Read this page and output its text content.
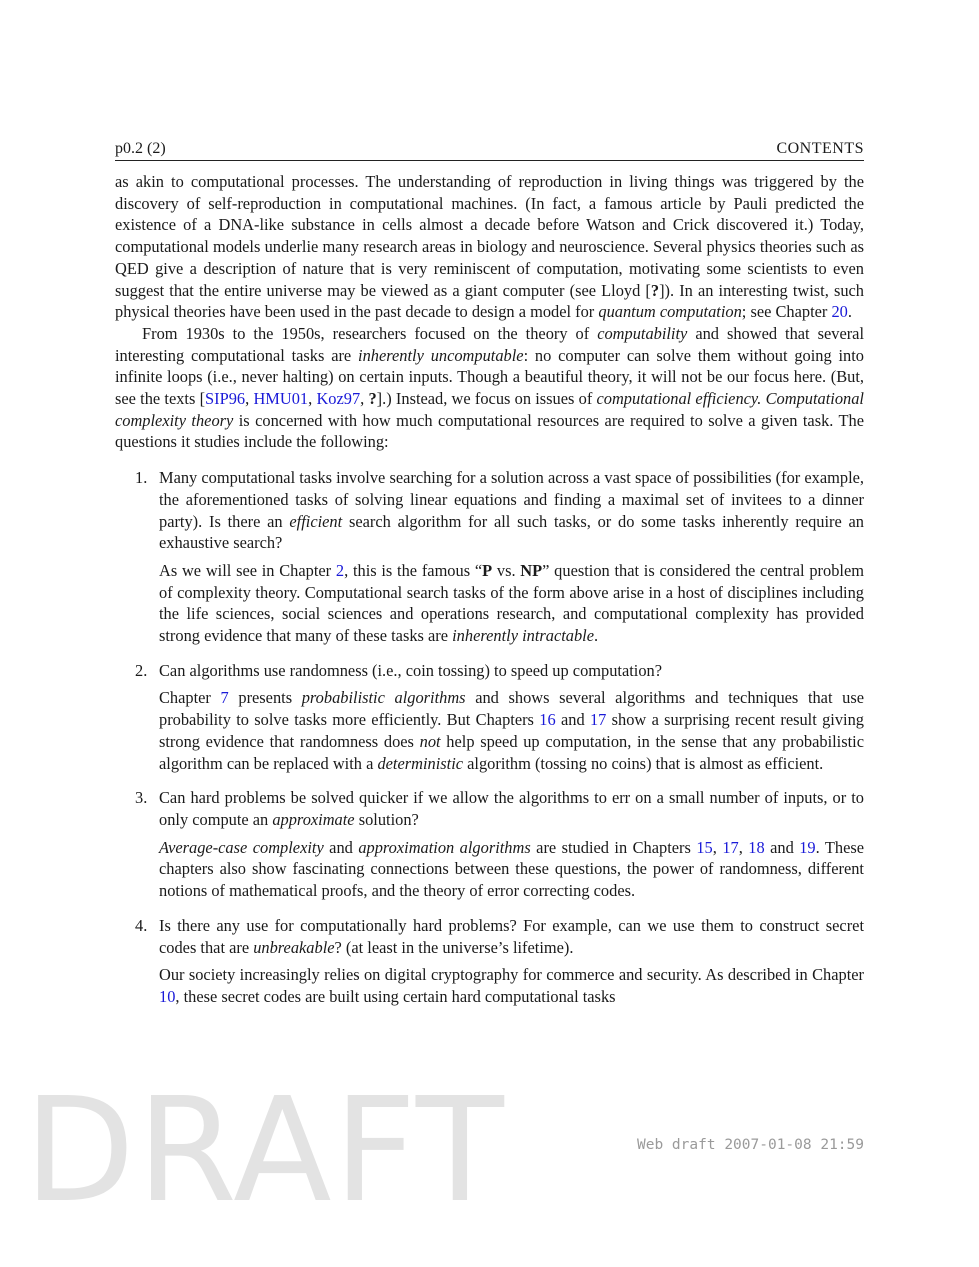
DRAFT
p0.2 (2)	CONTENTS

as akin to computational processes. The understanding of reproduction in living things was triggered by the discovery of self-reproduction in computational machines. (In fact, a famous article by Pauli predicted the existence of a DNA-like substance in cells almost a decade before Watson and Crick discovered it.) Today, computational models underlie many research areas in biology and neuroscience. Several physics theories such as QED give a description of nature that is very reminiscent of computation, motivating some scientists to even suggest that the entire universe may be viewed as a giant computer (see Lloyd [?]). In an interesting twist, such physical theories have been used in the past decade to design a model for quantum computation; see Chapter 20.

From 1930s to the 1950s, researchers focused on the theory of computability and showed that several interesting computational tasks are inherently uncomputable: no computer can solve them without going into infinite loops (i.e., never halting) on certain inputs. Though a beautiful theory, it will not be our focus here. (But, see the texts [SIP96, HMU01, Koz97, ?].) Instead, we focus on issues of computational efficiency. Computational complexity theory is concerned with how much computational resources are required to solve a given task. The questions it studies include the following:

1. Many computational tasks involve searching for a solution across a vast space of possibilities (for example, the aforementioned tasks of solving linear equations and finding a maximal set of invitees to a dinner party). Is there an efficient search algorithm for all such tasks, or do some tasks inherently require an exhaustive search?

As we will see in Chapter 2, this is the famous “P vs. NP” question that is considered the central problem of complexity theory. Computational search tasks of the form above arise in a host of disciplines including the life sciences, social sciences and operations research, and computational complexity has provided strong evidence that many of these tasks are inherently intractable.

2. Can algorithms use randomness (i.e., coin tossing) to speed up computation?

Chapter 7 presents probabilistic algorithms and shows several algorithms and techniques that use probability to solve tasks more efficiently. But Chapters 16 and 17 show a surprising recent result giving strong evidence that randomness does not help speed up computation, in the sense that any probabilistic algorithm can be replaced with a deterministic algorithm (tossing no coins) that is almost as efficient.

3. Can hard problems be solved quicker if we allow the algorithms to err on a small number of inputs, or to only compute an approximate solution?

Average-case complexity and approximation algorithms are studied in Chapters 15, 17, 18 and 19. These chapters also show fascinating connections between these questions, the power of randomness, different notions of mathematical proofs, and the theory of error correcting codes.

4. Is there any use for computationally hard problems? For example, can we use them to construct secret codes that are unbreakable? (at least in the universe’s lifetime).

Our society increasingly relies on digital cryptography for commerce and security. As described in Chapter 10, these secret codes are built using certain hard computational tasks

Web draft 2007-01-08 21:59
